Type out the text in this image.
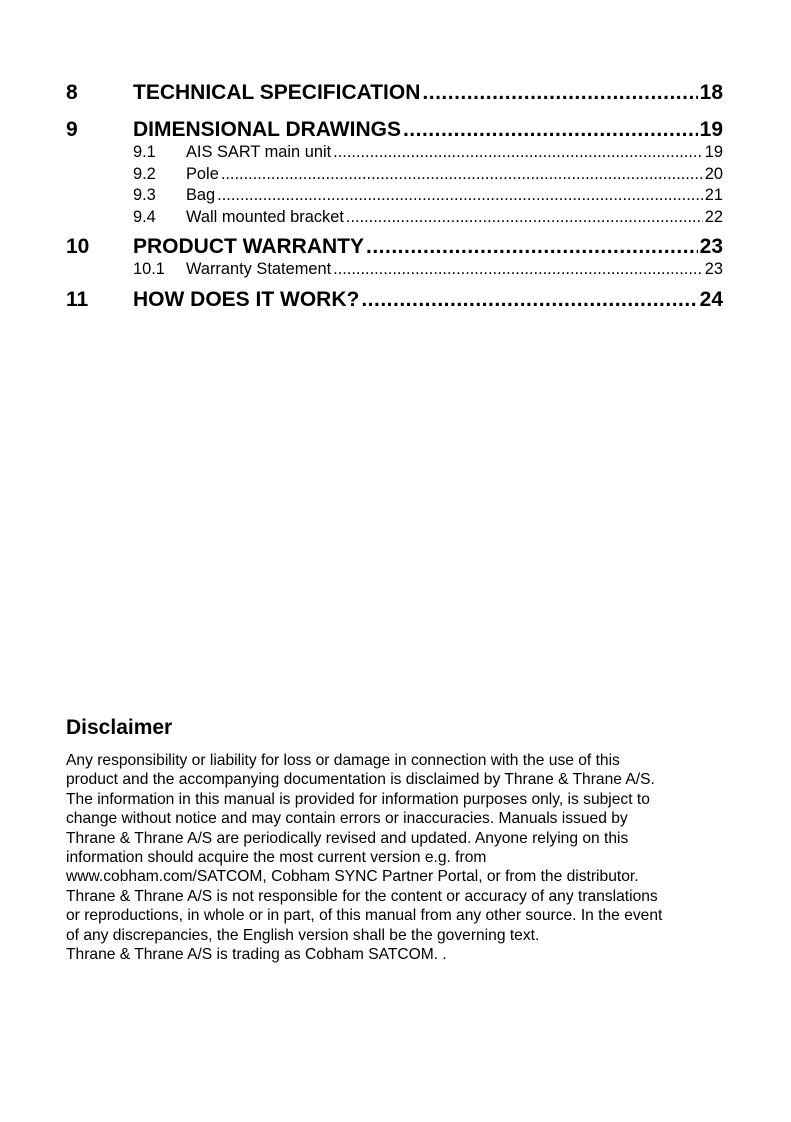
8	TECHNICAL SPECIFICATION .....	18
9	DIMENSIONAL DRAWINGS .....	19
9.1	AIS SART main unit .....	19
9.2	Pole .....	20
9.3	Bag .....	21
9.4	Wall mounted bracket .....	22
10	PRODUCT WARRANTY .....	23
10.1	Warranty Statement .....	23
11	HOW DOES IT WORK? .....	24
Disclaimer
Any responsibility or liability for loss or damage in connection with the use of this
product and the accompanying documentation is disclaimed by Thrane & Thrane A/S.
The information in this manual is provided for information purposes only, is subject to
change without notice and may contain errors or inaccuracies. Manuals issued by
Thrane & Thrane A/S are periodically revised and updated. Anyone relying on this
information should acquire the most current version e.g. from
www.cobham.com/SATCOM, Cobham SYNC Partner Portal, or from the distributor.
Thrane & Thrane A/S is not responsible for the content or accuracy of any translations
or reproductions, in whole or in part, of this manual from any other source. In the event
of any discrepancies, the English version shall be the governing text.
Thrane & Thrane A/S is trading as Cobham SATCOM. .
